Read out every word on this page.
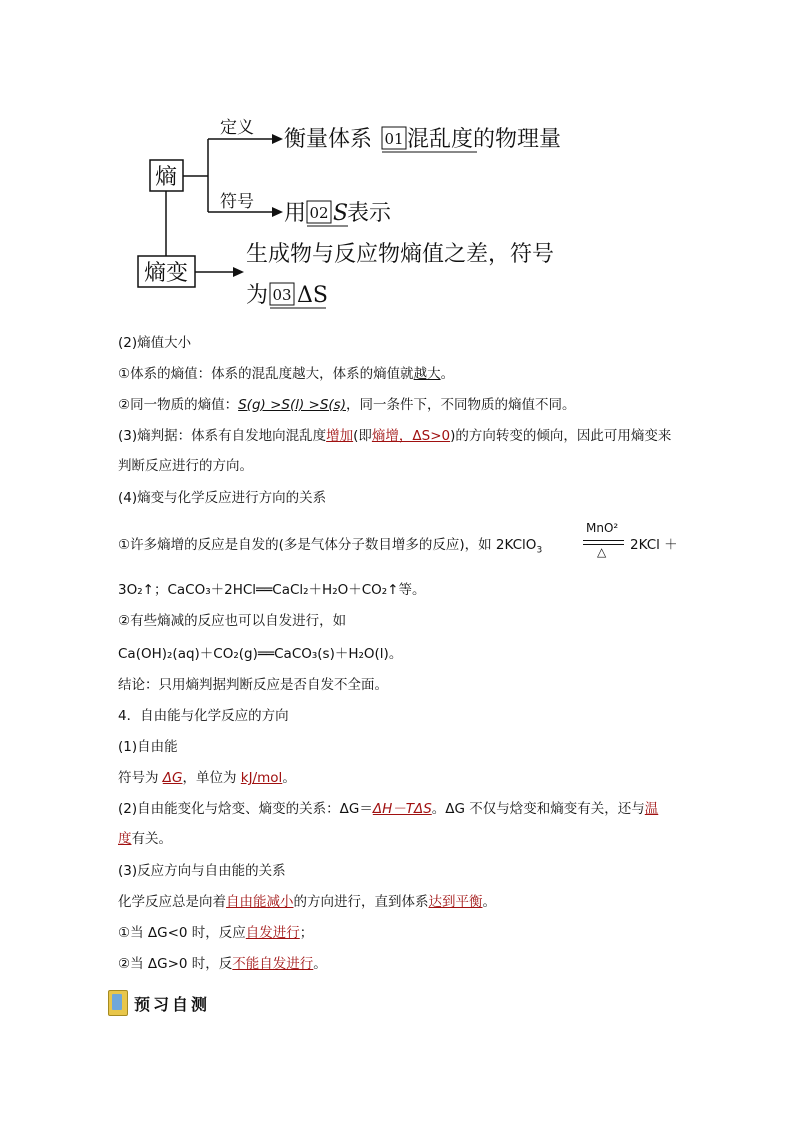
熵
熵变
定义
符号
衡量体系 01 混乱度的物理量
用 02 S
表示
生成物与反应物熵值之差，符号
为 03 ΔS
(2)熵值大小
①体系的熵值：体系的混乱度越大，体系的熵值就越大。
②同一物质的熵值：S(g) >S(l) >S(s)，同一条件下，不同物质的熵值不同。
(3)熵判据：体系有自发地向混乱度增加(即熵增，ΔS>0)的方向转变的倾向，因此可用熵变来
判断反应进行的方向。
(4)熵变与化学反应进行方向的关系
MnO²
△
①许多熵增的反应是自发的(多是气体分子数目增多的反应)，如 2KClO$_3$	2KCl ＋
3O₂↑；CaCO₃＋2HCl══CaCl₂＋H₂O＋CO₂↑等。
②有些熵减的反应也可以自发进行，如
Ca(OH)₂(aq)＋CO₂(g)══CaCO₃(s)＋H₂O(l)。
结论：只用熵判据判断反应是否自发不全面。
4．自由能与化学反应的方向
(1)自由能
符号为 ΔG，单位为 kJ/mol。
(2)自由能变化与焓变、熵变的关系：ΔG＝ΔH－TΔS。ΔG 不仅与焓变和熵变有关，还与温
度有关。
(3)反应方向与自由能的关系
化学反应总是向着自由能减小的方向进行，直到体系达到平衡。
①当 ΔG<0 时，反应自发进行；
②当 ΔG>0 时，反不能自发进行。
预习自测
